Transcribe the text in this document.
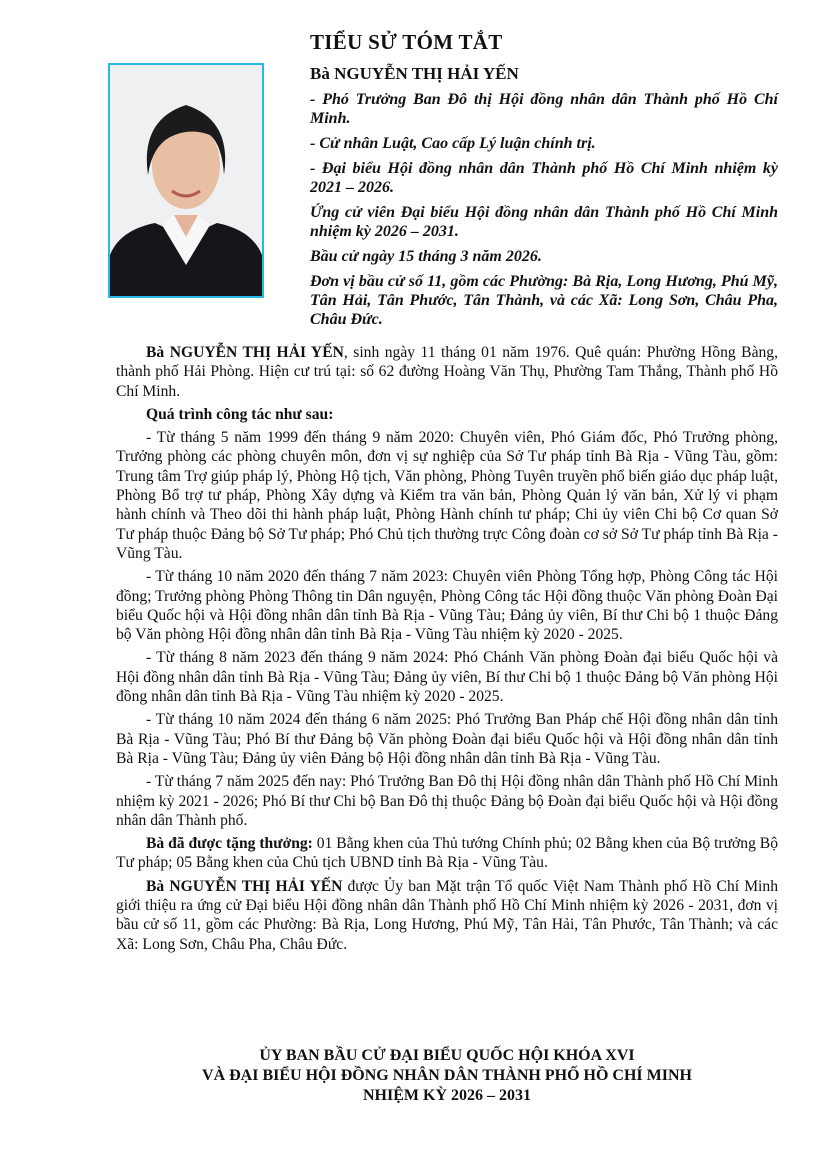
TIỂU SỬ TÓM TẮT

Bà NGUYỄN THỊ HẢI YẾN

- Phó Trưởng Ban Đô thị Hội đồng nhân dân Thành phố Hồ Chí Minh.

- Cử nhân Luật, Cao cấp Lý luận chính trị.

- Đại biểu Hội đồng nhân dân Thành phố Hồ Chí Minh nhiệm kỳ 2021 – 2026.

Ứng cử viên Đại biểu Hội đồng nhân dân Thành phố Hồ Chí Minh nhiệm kỳ 2026 – 2031.

Bầu cử ngày 15 tháng 3 năm 2026.

Đơn vị bầu cử số 11, gồm các Phường: Bà Rịa, Long Hương, Phú Mỹ, Tân Hải, Tân Phước, Tân Thành, và các Xã: Long Sơn, Châu Pha, Châu Đức.

Bà NGUYỄN THỊ HẢI YẾN, sinh ngày 11 tháng 01 năm 1976. Quê quán: Phường Hồng Bàng, thành phố Hải Phòng. Hiện cư trú tại: số 62 đường Hoàng Văn Thụ, Phường Tam Thắng, Thành phố Hồ Chí Minh.

Quá trình công tác như sau:

- Từ tháng 5 năm 1999 đến tháng 9 năm 2020: Chuyên viên, Phó Giám đốc, Phó Trưởng phòng, Trưởng phòng các phòng chuyên môn, đơn vị sự nghiệp của Sở Tư pháp tỉnh Bà Rịa - Vũng Tàu, gồm: Trung tâm Trợ giúp pháp lý, Phòng Hộ tịch, Văn phòng, Phòng Tuyên truyền phổ biến giáo dục pháp luật, Phòng Bổ trợ tư pháp, Phòng Xây dựng và Kiểm tra văn bản, Phòng Quản lý văn bản, Xử lý vi phạm hành chính và Theo dõi thi hành pháp luật, Phòng Hành chính tư pháp; Chi ủy viên Chi bộ Cơ quan Sở Tư pháp thuộc Đảng bộ Sở Tư pháp; Phó Chủ tịch thường trực Công đoàn cơ sở Sở Tư pháp tỉnh Bà Rịa - Vũng Tàu.

- Từ tháng 10 năm 2020 đến tháng 7 năm 2023: Chuyên viên Phòng Tổng hợp, Phòng Công tác Hội đồng; Trưởng phòng Phòng Thông tin Dân nguyện, Phòng Công tác Hội đồng thuộc Văn phòng Đoàn Đại biểu Quốc hội và Hội đồng nhân dân tỉnh Bà Rịa - Vũng Tàu; Đảng ủy viên, Bí thư Chi bộ 1 thuộc Đảng bộ Văn phòng Hội đồng nhân dân tỉnh Bà Rịa - Vũng Tàu nhiệm kỳ 2020 - 2025.

- Từ tháng 8 năm 2023 đến tháng 9 năm 2024: Phó Chánh Văn phòng Đoàn đại biểu Quốc hội và Hội đồng nhân dân tỉnh Bà Rịa - Vũng Tàu; Đảng ủy viên, Bí thư Chi bộ 1 thuộc Đảng bộ Văn phòng Hội đồng nhân dân tỉnh Bà Rịa - Vũng Tàu nhiệm kỳ 2020 - 2025.

- Từ tháng 10 năm 2024 đến tháng 6 năm 2025: Phó Trưởng Ban Pháp chế Hội đồng nhân dân tỉnh Bà Rịa - Vũng Tàu; Phó Bí thư Đảng bộ Văn phòng Đoàn đại biểu Quốc hội và Hội đồng nhân dân tỉnh Bà Rịa - Vũng Tàu; Đảng ủy viên Đảng bộ Hội đồng nhân dân tỉnh Bà Rịa - Vũng Tàu.

- Từ tháng 7 năm 2025 đến nay: Phó Trưởng Ban Đô thị Hội đồng nhân dân Thành phố Hồ Chí Minh nhiệm kỳ 2021 - 2026; Phó Bí thư Chi bộ Ban Đô thị thuộc Đảng bộ Đoàn đại biểu Quốc hội và Hội đồng nhân dân Thành phố.

Bà đã được tặng thưởng: 01 Bằng khen của Thủ tướng Chính phủ; 02 Bằng khen của Bộ trưởng Bộ Tư pháp; 05 Bằng khen của Chủ tịch UBND tỉnh Bà Rịa - Vũng Tàu.

Bà NGUYỄN THỊ HẢI YẾN được Ủy ban Mặt trận Tổ quốc Việt Nam Thành phố Hồ Chí Minh giới thiệu ra ứng cử Đại biểu Hội đồng nhân dân Thành phố Hồ Chí Minh nhiệm kỳ 2026 - 2031, đơn vị bầu cử số 11, gồm các Phường: Bà Rịa, Long Hương, Phú Mỹ, Tân Hải, Tân Phước, Tân Thành; và các Xã: Long Sơn, Châu Pha, Châu Đức.

ỦY BAN BẦU CỬ ĐẠI BIỂU QUỐC HỘI KHÓA XVI
VÀ ĐẠI BIỂU HỘI ĐỒNG NHÂN DÂN THÀNH PHỐ HỒ CHÍ MINH
NHIỆM KỲ 2026 – 2031
